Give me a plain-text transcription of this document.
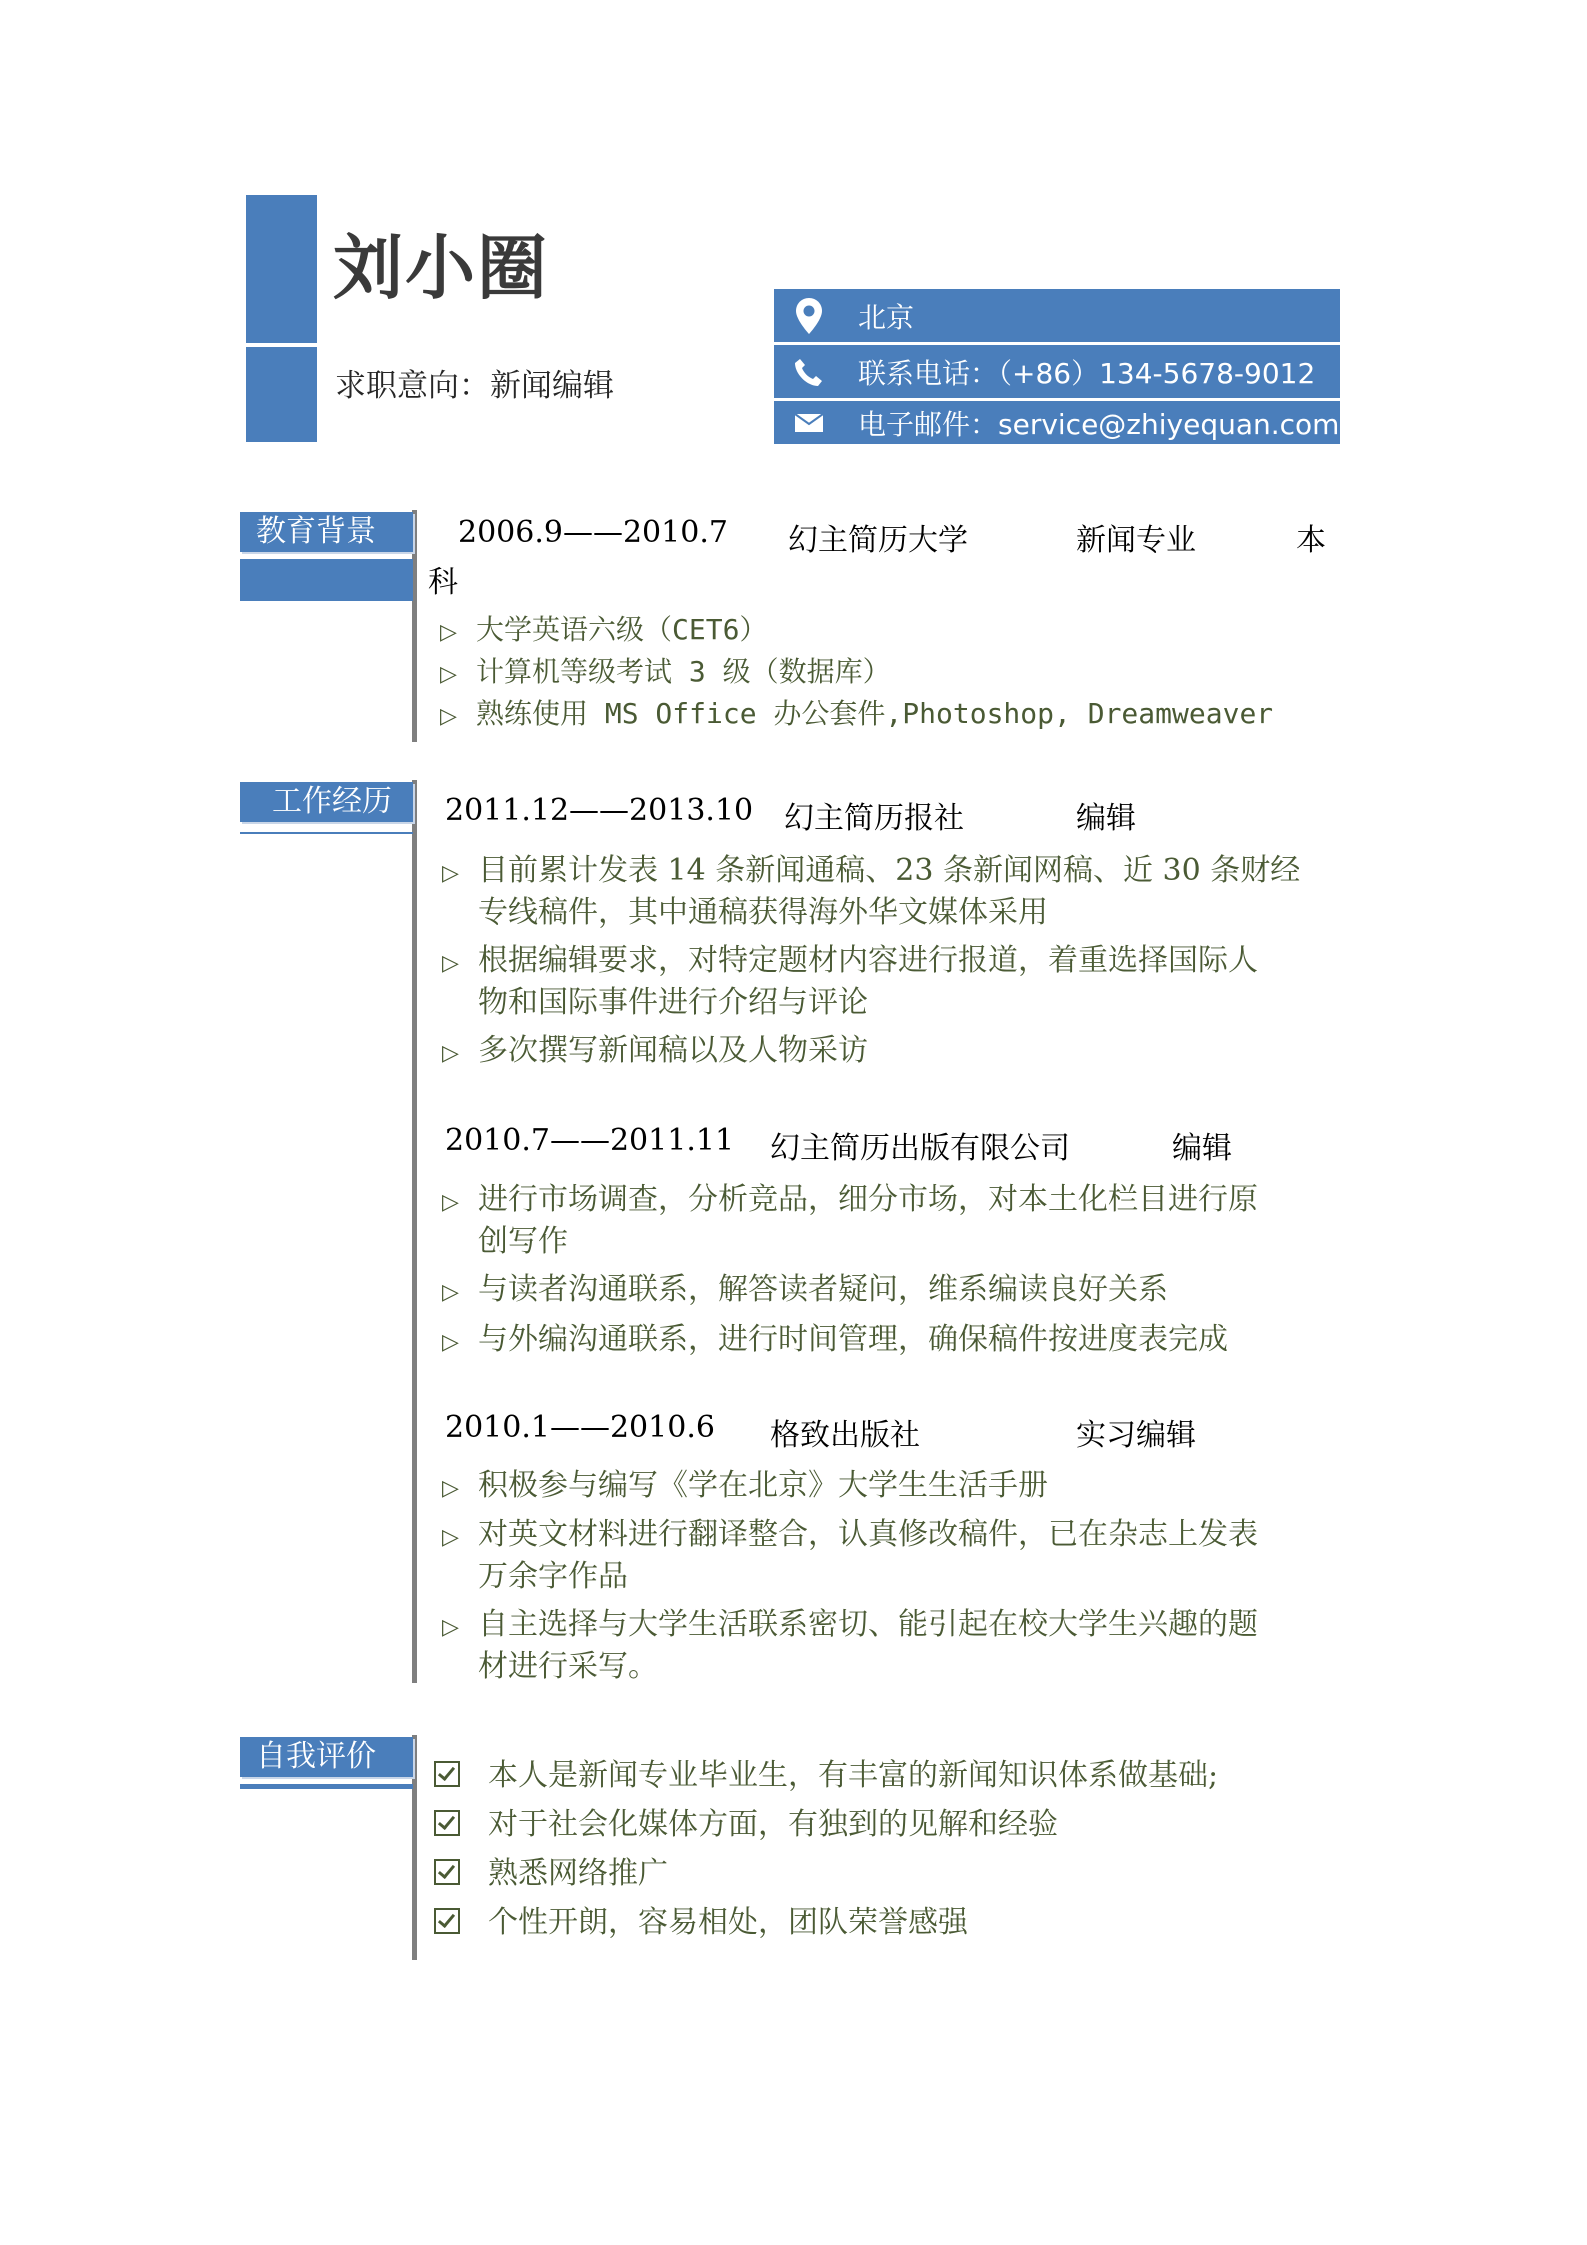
刘小圈
求职意向：新闻编辑
北京
联系电话：（+86）134-5678-9012
电子邮件：service@zhiyequan.com
教育背景	2006.9——2010.7 幻主简历大学	新闻专业	本
科
▷ 大学英语六级（CET6）
▷ 计算机等级考试 3 级（数据库）
▷ 熟练使用 MS Office 办公套件,Photoshop, Dreamweaver
工作经历	2011.12——2013.10 幻主简历报社	编辑
▷ 目前累计发表 14 条新闻通稿、23 条新闻网稿、近 30 条财经
专线稿件，其中通稿获得海外华文媒体采用
▷ 根据编辑要求，对特定题材内容进行报道，着重选择国际人
物和国际事件进行介绍与评论
▷ 多次撰写新闻稿以及人物采访
2010.7——2011.11 幻主简历出版有限公司	编辑
▷ 进行市场调查，分析竞品，细分市场，对本土化栏目进行原
创写作
▷ 与读者沟通联系，解答读者疑问，维系编读良好关系
▷ 与外编沟通联系，进行时间管理，确保稿件按进度表完成
2010.1——2010.6 格致出版社	实习编辑
▷ 积极参与编写《学在北京》大学生生活手册
▷ 对英文材料进行翻译整合，认真修改稿件，已在杂志上发表
万余字作品
▷ 自主选择与大学生活联系密切、能引起在校大学生兴趣的题
材进行采写。
自我评价
本人是新闻专业毕业生，有丰富的新闻知识体系做基础;
对于社会化媒体方面，有独到的见解和经验
熟悉网络推广
个性开朗，容易相处，团队荣誉感强
